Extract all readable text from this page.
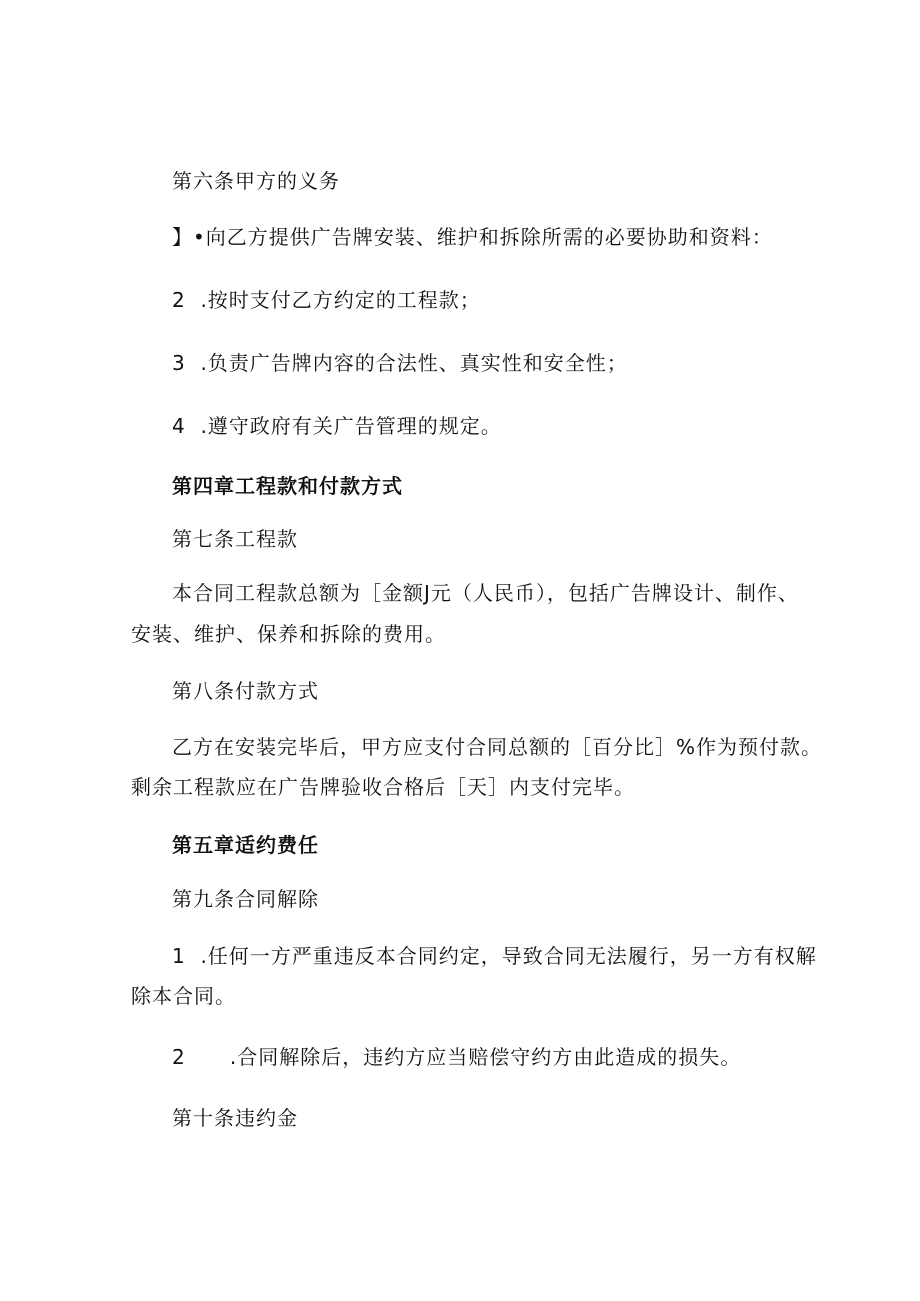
第六条甲方的义务
】•向乙方提供广告牌安装、维护和拆除所需的必要协助和资料：
2  .按时支付乙方约定的工程款；
3  .负责广告牌内容的合法性、真实性和安全性；
4  .遵守政府有关广告管理的规定。
第四章工程款和付款方式
第七条工程款
本合同工程款总额为［金额J元（人民币），包括广告牌设计、制作、
安装、维护、保养和拆除的费用。
第八条付款方式
乙方在安装完毕后，甲方应支付合同总额的［百分比］%作为预付款。
剩余工程款应在广告牌验收合格后［天］内支付完毕。
第五章适约费任
第九条合同解除
1  .任何一方严重违反本合同约定，导致合同无法履行，另一方有权解
除本合同。
2      .合同解除后，违约方应当赔偿守约方由此造成的损失。
第十条违约金
